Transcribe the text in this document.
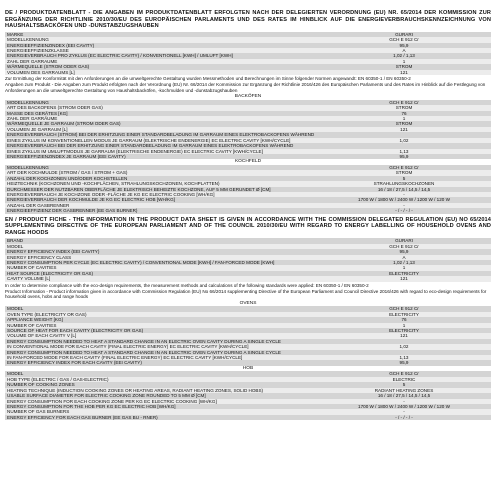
DE / PRODUKTDATENBLATT - DIE ANGABEN IM PRODUKTDATENBLATT ERFOLGTEN NACH DER DELEGIERTEN VERORDNUNG (EU) NR. 65/2014 DER KOMMISSION ZUR ERGÄNZUNG DER RICHTLINIE 2010/30/EU DES EUROPÄISCHEN PARLAMENTS UND DES RATES IM HINBLICK AUF DIE ENERGIEVERBRAUCHSKENNZEICHNUNG VON HAUSHALTSBACKÖFEN UND -DUNSTABZUGSHAUBEN

MARKE	GURARI
MODELLKENNUNG	GCH E 912 Cr
ENERGIEEFFIZIENZINDEX (EEI CAVITY)	95,9
ENERGIEEFFIZIENZKLASSE	A
ENERGIEVERBRAUCH PRO ZYKLUS (EC ELECTRIC CAVITY) / KONVENTIONELL [KWH] / UMLUFT [KWH]	1,02 / 1,13
ZAHL DER GARRAUME	1
WÄRMEQUELLE (STROM ODER GAS)	STROM
VOLUMEN DES GARRAUMS [L]	121

Zur Ermittlung der Konformität mit den Anforderungen an die umweltgerechte Gestaltung wurden Messmethoden und Berechnungen im Sinne folgender Normen angewandt: EN 60350-1 / EN 60350-2

Angaben zum Produkt - Die Angaben zum Produkt erfolgten nach der Verordnung (EU) Nr. 66/2014 der Kommission zur Ergänzung der Richtlinie 2016/426 des Europäischen Parlaments und des Rates im Hinblick auf die Festlegung von Anforderungen an die umweltgerechte Gestaltung von Haushaltsbacköfen, -kochmulden und -dunstabzugshauben

BACKÖFEN

MODELLKENNUNG	GCH E 912 Cr
ART DES BACKOFENS (STROM ODER GAS)	STROM
MASSE DES GERÄTES [KG]	76
ZAHL DER GARRÄUME	1
WÄRMEQUELLE JE GARRAUM (STROM ODER GAS)	STROM
VOLUMEN JE GARRAUM [L]	121
ENERGIEVERBRAUCH (STROM) BEI DER ERHITZUNG EINER STANDARDBELADUNG IM GARRAUM EINES ELEKTROBACKOFENS WÄHREND	
EINES ZYKLUS IM KONVENTIONELLEN MODUS JE GARRAUM (ELEKTRISCHE ENDENERGIE) EC ELECTRIC CAVITY [KWH/CYCLE]	1,02
ENERGIEVERBRAUCH BEI DER ERHITZUNG EINER STANDARDBELADUNG IM GARRAUM EINES ELEKTROBACKOFENS WÄHREND	
EINES ZYKLUS IM UMLUFTMODUS JE GARRAUM (ELEKTRISCHE ENDENERGIE) EC ELECTRIC CAVITY [KWH/CYCLE]	1,13
ENERGIEEFFIZIENZINDEX JE GARRAUM (EEI CAVITY)	95,9

KOCHFELD

MODELLKENNUNG	GCH E 912 Cr
ART DER KOCHMULDE (STROM / GAS / STROM + GAS)	STROM
ANZAHL DER KOCHZONEN UND/ODER KOCHSTELLEN	5
HEIZTECHNIK (KOCHZONEN UND -KOCHFLÄCHEN, STRAHLUNGSKOCHZONEN, KOCHPLATTEN)	STRAHLUNGSKOCHZONEN
DURCHMESSER DER NUTZBAREN OBERFLÄCHE JE ELEKTRISCH BEHEIZTE KOCHZONE, AUF 5 MM GERUNDET Ø [CM]	16 / 18 / 27,5 / 14,5 / 14,5
ENERGIEVERBRAUCH JE KOCHZONE ODER -FLÄCHE JE KG EC ELECTRIC COOKING [WH/KG]	-
ENERGIEVERBRAUCH DER KOCHMULDE JE KG EC ELECTRIC HOB [WH/KG]	1700 W / 1800 W / 2400 W / 1200 W / 120 W
ANZAHL DER GASBRENNER	-
ENERGIEEFFIZIENZ DER GASBRENNER (EE GAS BURNER)	- / - / - / -

EN / PRODUCT FICHE - THE INFORMATION IN THE PRODUCT DATA SHEET IS GIVEN IN ACCORDANCE WITH THE COMMISSION DELEGATED REGULATION (EU) NO 65/2014 SUPPLEMENTING DIRECTIVE OF THE EUROPEAN PARLIAMENT AND OF THE COUNCIL 2010/30/EU WITH REGARD TO ENERGY LABELLING OF HOUSEHOLD OVENS AND RANGE HOODS

BRAND	GURARI
MODEL	GCH E 912 Cr
ENERGY EFFICIENCY INDEX (EEI CAVITY)	95,9
ENERGY EFFICIENCY CLASS	A
ENERGY CONSUMPTION PER CYCLE (EC ELECTRIC CAVITY) / CONVENTIONAL MODE [KWH] / FAN-FORCED MODE [KWH]	1,02 / 1,13
NUMBER OF CAVITIES	1
HEAT SOURCE (ELECTRICITY OR GAS)	ELECTRICITY
CAVITY VOLUME [L]	121

In order to determine compliance with the eco-design requirements, the measurement methods and calculations of the following standards were applied: EN 60350-1 / EN 60350-2

Product Information - Product information given in accordance with Commission Regulation (EU) No 66/2014 supplementing Directive of the European Parliament and Council Directive 2016/426 with regard to eco-design requirements for household ovens, hobs and range hoods

OVENS

MODEL	GCH E 912 Cr
OVEN TYPE (ELECTRICITY OR GAS)	ELECTRICITY
APPLIANCE WEIGHT [KG]	76
NUMBER OF CAVITIES	1
SOURCE OF HEAT FOR EACH CAVITY (ELECTRICITY OR GAS)	ELECTRICITY
VOLUME OF EACH CAVITY V [L]	121
ENERGY CONSUMPTION NEEDED TO HEAT A STANDARD CHANGE IN AN ELECTRIC OVEN CAVITY DURING A SINGLE CYCLE	
IN CONVENTIONAL MODE FOR EACH CAVITY (FINAL ELECTRIC ENERGY) EC ELECTRIC CAVITY [KWH/CYCLE]	1,02
ENERGY CONSUMPTION NEEDED TO HEAT A STANDARD CHANGE IN AN ELECTRIC OVEN CAVITY DURING A SINGLE CYCLE	
IN FAN-FORCED MODE FOR EACH CAVITY (FINAL ELECTRIC ENERGY) EC ELECTRIC CAVITY [KWH/CYCLE]	1,13
ENERGY EFFICIENCY INDEX FOR EACH CAVITY (EEI CAVITY)	95,9

HOB

MODEL	GCH E 912 Cr
HOB TYPE (ELECTRIC / GAS / GAS-ELECTRIC)	ELECTRIC
NUMBER OF COOKING ZONES	5
HEATING TECHNIQUE (INDUCTION COOKING ZONES OR HEATING AREAS, RADIANT HEATING ZONES, SOLID HOBS)	RADIANT HEATING ZONES
USABLE SURFACE DIAMETER FOR ELECTRIC COOKING ZONE ROUNDED TO 5 MM Ø [CM]	16 / 18 / 27,5 / 14,5 / 14,5
ENERGY CONSUMPTION FOR EACH COOKING ZONE PER KG EC ELECTRIC COOKING [WH/KG]	-
ENERGY CONSUMPTION FOR THE HOB PER KG EC ELECTRIC HOB [WH/KG]	1700 W / 1800 W / 2400 W / 1200 W / 120 W
NUMBER OF GAS BURNERS	-
ENERGY EFFICIENCY FOR EACH GAS BURNER (EE GAS BU - RNER)	- / - / - / -
